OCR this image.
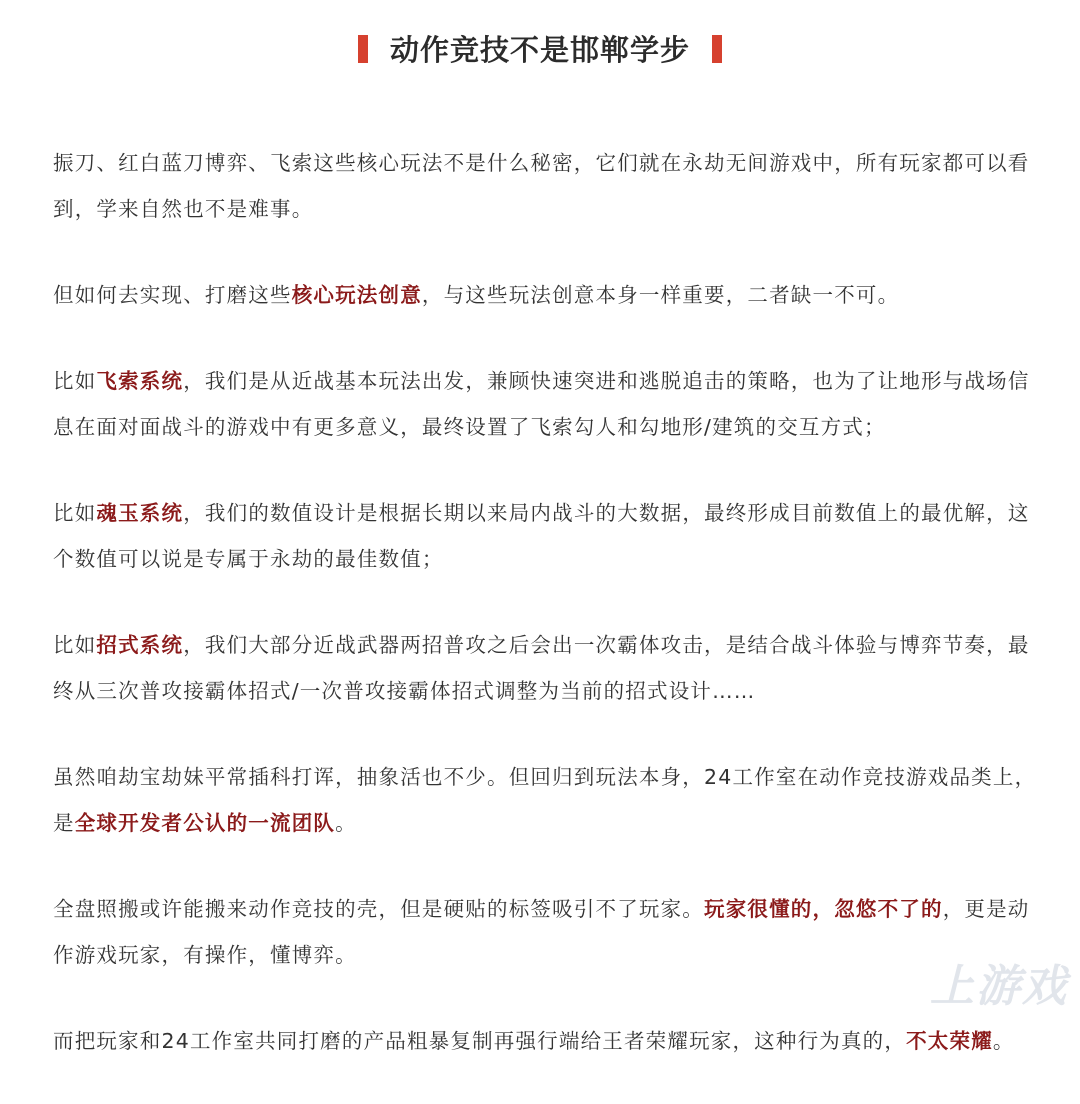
动作竞技不是邯郸学步

振刀、红白蓝刀博弈、飞索这些核心玩法不是什么秘密，它们就在永劫无间游戏中，所有玩家都可以看到，学来自然也不是难事。

但如何去实现、打磨这些核心玩法创意，与这些玩法创意本身一样重要，二者缺一不可。

比如飞索系统，我们是从近战基本玩法出发，兼顾快速突进和逃脱追击的策略，也为了让地形与战场信息在面对面战斗的游戏中有更多意义，最终设置了飞索勾人和勾地形/建筑的交互方式；

比如魂玉系统，我们的数值设计是根据长期以来局内战斗的大数据，最终形成目前数值上的最优解，这个数值可以说是专属于永劫的最佳数值；

比如招式系统，我们大部分近战武器两招普攻之后会出一次霸体攻击，是结合战斗体验与博弈节奏，最终从三次普攻接霸体招式/一次普攻接霸体招式调整为当前的招式设计……

虽然咱劫宝劫妹平常插科打诨，抽象活也不少。但回归到玩法本身，24工作室在动作竞技游戏品类上，是全球开发者公认的一流团队。

全盘照搬或许能搬来动作竞技的壳，但是硬贴的标签吸引不了玩家。玩家很懂的，忽悠不了的，更是动作游戏玩家，有操作，懂博弈。

而把玩家和24工作室共同打磨的产品粗暴复制再强行端给王者荣耀玩家，这种行为真的，不太荣耀。

上游戏
